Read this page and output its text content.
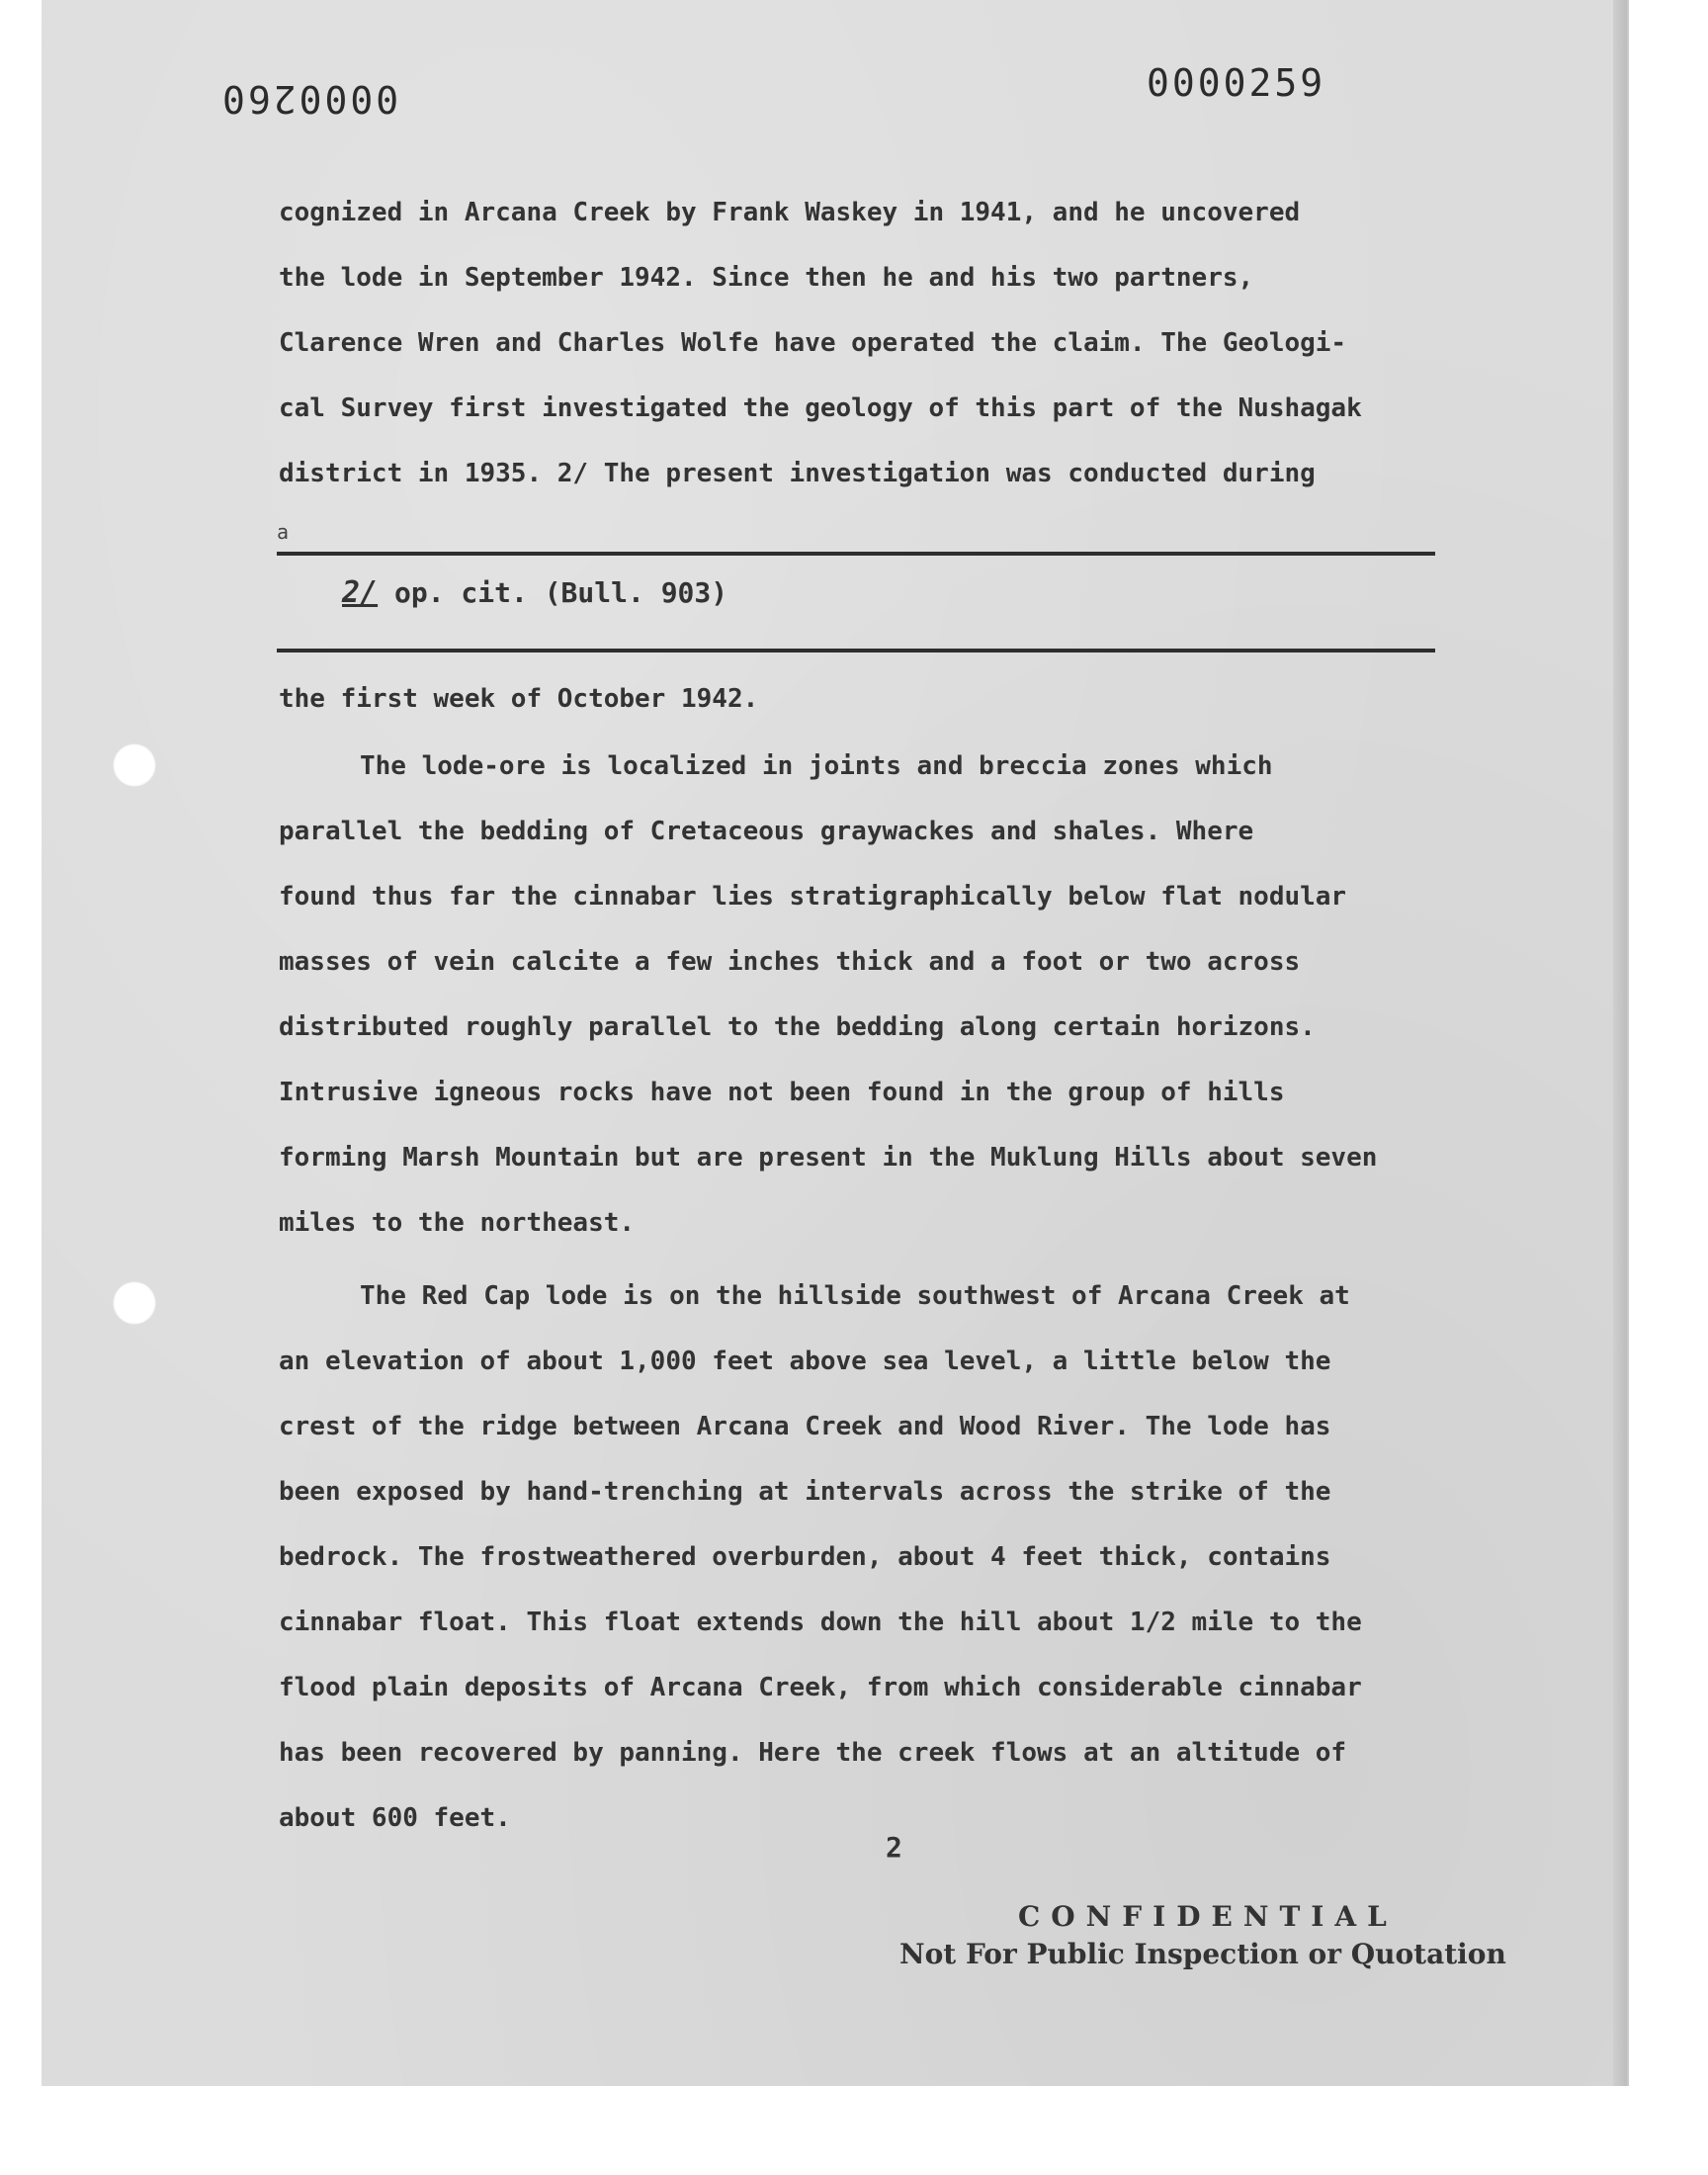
0000260	0000259
cognized in Arcana Creek by Frank Waskey in 1941, and he uncovered
the lode in September 1942. Since then he and his two partners,
Clarence Wren and Charles Wolfe have operated the claim. The Geologi-
cal Survey first investigated the geology of this part of the Nushagak
district in 1935. 2/ The present investigation was conducted during
a
2/ op. cit. (Bull. 903)
the first week of October 1942.
The lode-ore is localized in joints and breccia zones which
parallel the bedding of Cretaceous graywackes and shales. Where
found thus far the cinnabar lies stratigraphically below flat nodular
masses of vein calcite a few inches thick and a foot or two across
distributed roughly parallel to the bedding along certain horizons.
Intrusive igneous rocks have not been found in the group of hills
forming Marsh Mountain but are present in the Muklung Hills about seven
miles to the northeast.
The Red Cap lode is on the hillside southwest of Arcana Creek at
an elevation of about 1,000 feet above sea level, a little below the
crest of the ridge between Arcana Creek and Wood River. The lode has
been exposed by hand-trenching at intervals across the strike of the
bedrock. The frostweathered overburden, about 4 feet thick, contains
cinnabar float. This float extends down the hill about 1/2 mile to the
flood plain deposits of Arcana Creek, from which considerable cinnabar
has been recovered by panning. Here the creek flows at an altitude of
about 600 feet.
2
CONFIDENTIAL
Not For Public Inspection or Quotation
